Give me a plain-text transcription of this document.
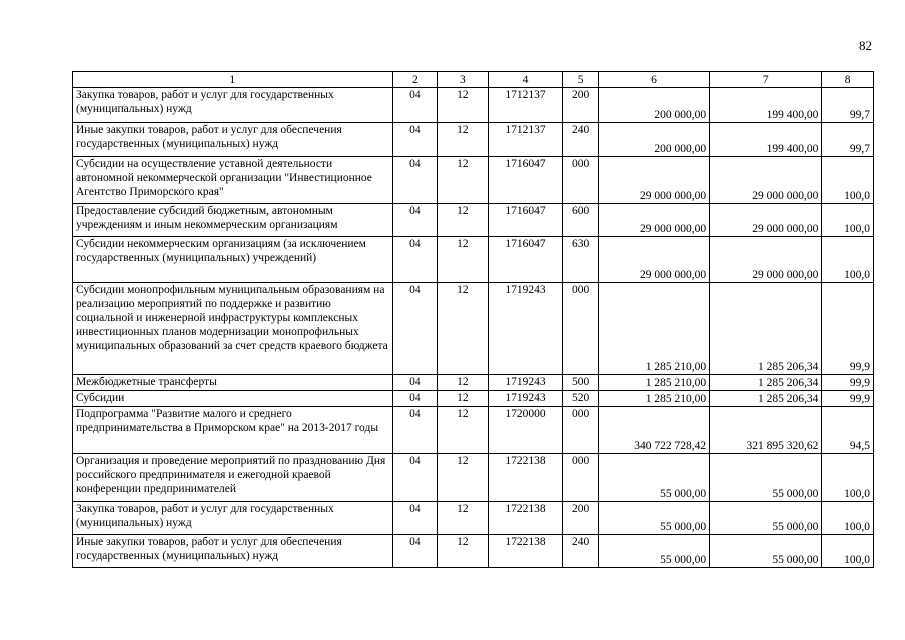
82
1	2	3	4	5	6	7	8
Закупка товаров, работ и услуг для государственных (муниципальных) нужд	04	12	1712137	200	200 000,00	199 400,00	99,7
Иные закупки товаров, работ и услуг для обеспечения государственных (муниципальных) нужд	04	12	1712137	240	200 000,00	199 400,00	99,7
Субсидии на осуществление уставной деятельности автономной некоммерческой организации "Инвестиционное Агентство Приморского края"	04	12	1716047	000	29 000 000,00	29 000 000,00	100,0
Предоставление субсидий бюджетным, автономным учреждениям и иным некоммерческим организациям	04	12	1716047	600	29 000 000,00	29 000 000,00	100,0
Субсидии некоммерческим организациям (за исключением государственных (муниципальных) учреждений)	04	12	1716047	630	29 000 000,00	29 000 000,00	100,0
Субсидии монопрофильным муниципальным образованиям на реализацию мероприятий по поддержке и развитию социальной и инженерной инфраструктуры комплексных инвестиционных планов модернизации монопрофильных муниципальных образований за счет средств краевого бюджета	04	12	1719243	000	1 285 210,00	1 285 206,34	99,9
Межбюджетные трансферты	04	12	1719243	500	1 285 210,00	1 285 206,34	99,9
Субсидии	04	12	1719243	520	1 285 210,00	1 285 206,34	99,9
Подпрограмма "Развитие малого и среднего предпринимательства в Приморском крае" на 2013-2017 годы	04	12	1720000	000	340 722 728,42	321 895 320,62	94,5
Организация и проведение мероприятий по празднованию Дня российского предпринимателя и ежегодной краевой конференции предпринимателей	04	12	1722138	000	55 000,00	55 000,00	100,0
Закупка товаров, работ и услуг для государственных (муниципальных) нужд	04	12	1722138	200	55 000,00	55 000,00	100,0
Иные закупки товаров, работ и услуг для обеспечения государственных (муниципальных) нужд	04	12	1722138	240	55 000,00	55 000,00	100,0
